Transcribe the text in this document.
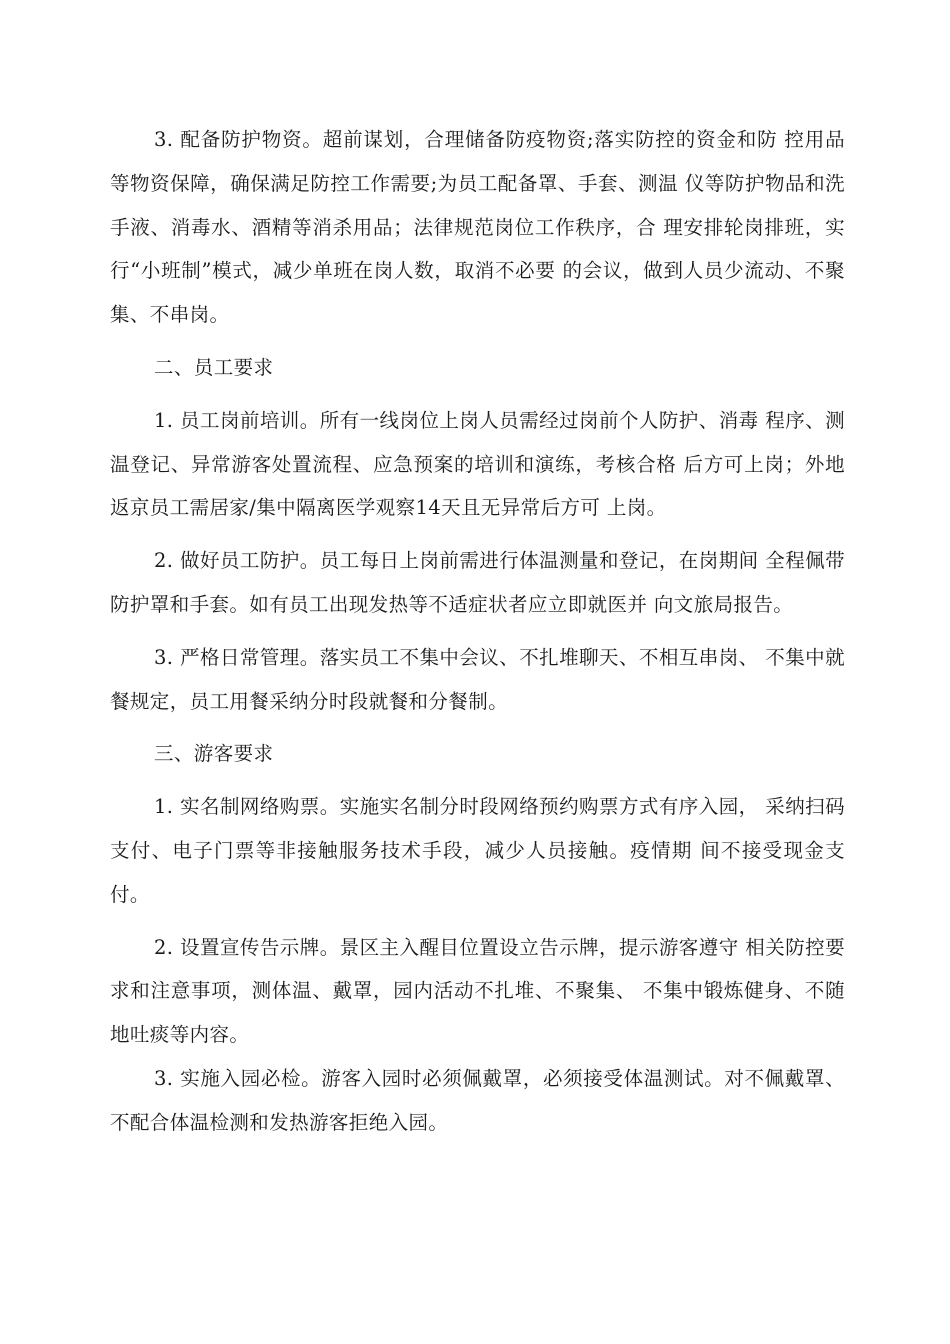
3. 配备防护物资。超前谋划，合理储备防疫物资;落实防控的资金和防 控用品等物资保障，确保满足防控工作需要;为员工配备罩、手套、测温 仪等防护物品和洗手液、消毒水、酒精等消杀用品；法律规范岗位工作秩序，合 理安排轮岗排班，实行“小班制”模式，减少单班在岗人数，取消不必要 的会议，做到人员少流动、不聚集、不串岗。

二、员工要求

1. 员工岗前培训。所有一线岗位上岗人员需经过岗前个人防护、消毒 程序、测温登记、异常游客处置流程、应急预案的培训和演练，考核合格 后方可上岗；外地返京员工需居家/集中隔离医学观察14天且无异常后方可 上岗。

2. 做好员工防护。员工每日上岗前需进行体温测量和登记，在岗期间 全程佩带防护罩和手套。如有员工出现发热等不适症状者应立即就医并 向文旅局报告。

3. 严格日常管理。落实员工不集中会议、不扎堆聊天、不相互串岗、 不集中就餐规定，员工用餐采纳分时段就餐和分餐制。

三、游客要求

1. 实名制网络购票。实施实名制分时段网络预约购票方式有序入园， 采纳扫码支付、电子门票等非接触服务技术手段，减少人员接触。疫情期 间不接受现金支付。

2. 设置宣传告示牌。景区主入醒目位置设立告示牌，提示游客遵守 相关防控要求和注意事项，测体温、戴罩，园内活动不扎堆、不聚集、 不集中锻炼健身、不随地吐痰等内容。

3. 实施入园必检。游客入园时必须佩戴罩，必须接受体温测试。对不佩戴罩、不配合体温检测和发热游客拒绝入园。
